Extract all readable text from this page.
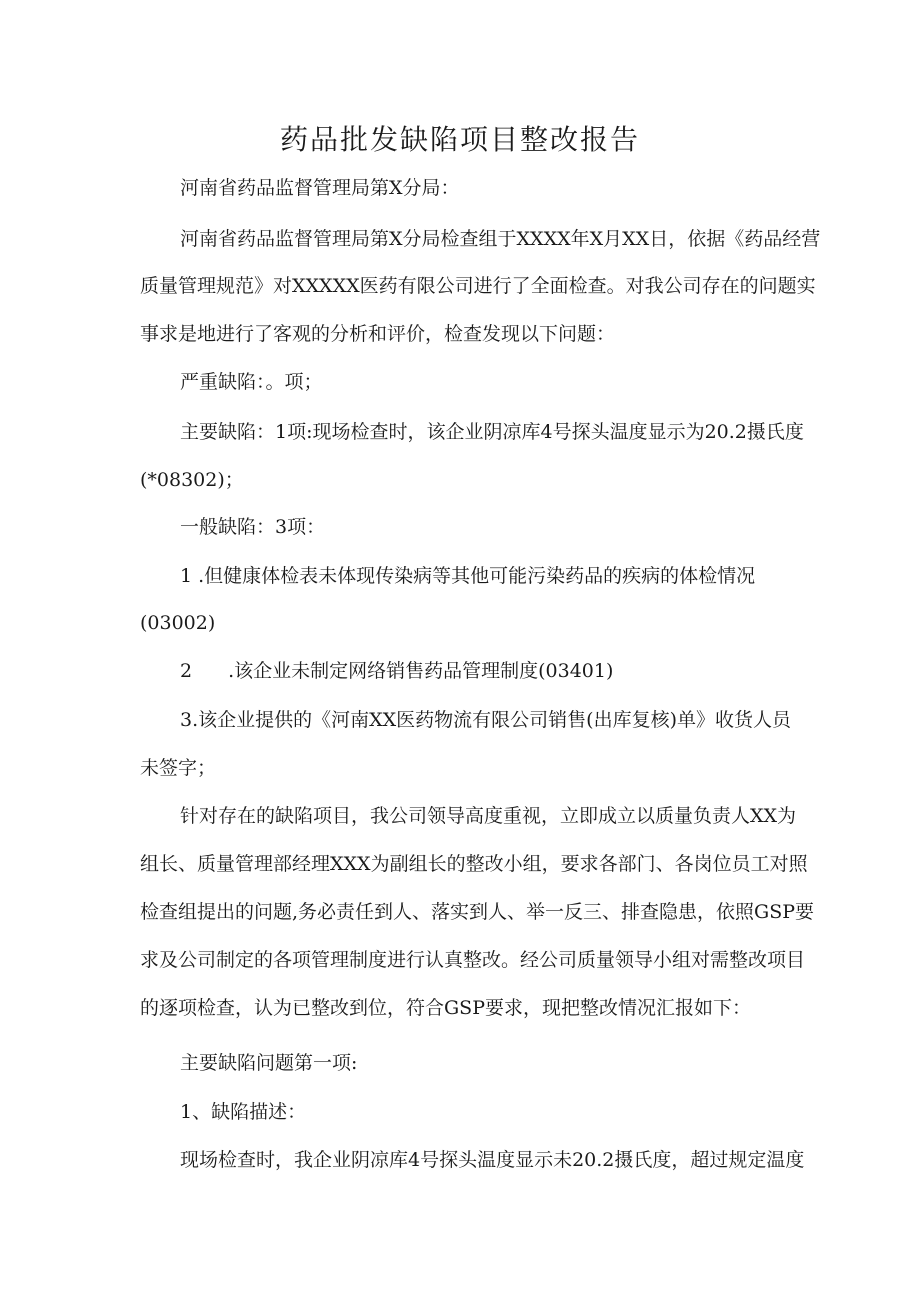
药品批发缺陷项目整改报告

河南省药品监督管理局第X分局：

河南省药品监督管理局第X分局检查组于XXXX年X月XX日，依据《药品经营

质量管理规范》对XXXXX医药有限公司进行了全面检查。对我公司存在的问题实

事求是地进行了客观的分析和评价，检查发现以下问题：

严重缺陷：。项；

主要缺陷：1项:现场检查时，该企业阴凉库4号探头温度显示为20.2摄氏度

(*08302)；

一般缺陷：3项：

1 .但健康体检表未体现传染病等其他可能污染药品的疾病的体检情况

(03002)

2 .该企业未制定网络销售药品管理制度(03401)

3.该企业提供的《河南XX医药物流有限公司销售(出库复核)单》收货人员

未签字；

针对存在的缺陷项目，我公司领导高度重视，立即成立以质量负责人XX为

组长、质量管理部经理XXX为副组长的整改小组，要求各部门、各岗位员工对照

检查组提出的问题,务必责任到人、落实到人、举一反三、排查隐患，依照GSP要

求及公司制定的各项管理制度进行认真整改。经公司质量领导小组对需整改项目

的逐项检查，认为已整改到位，符合GSP要求，现把整改情况汇报如下：

主要缺陷问题第一项:

1、缺陷描述：

现场检查时，我企业阴凉库4号探头温度显示未20.2摄氏度，超过规定温度
